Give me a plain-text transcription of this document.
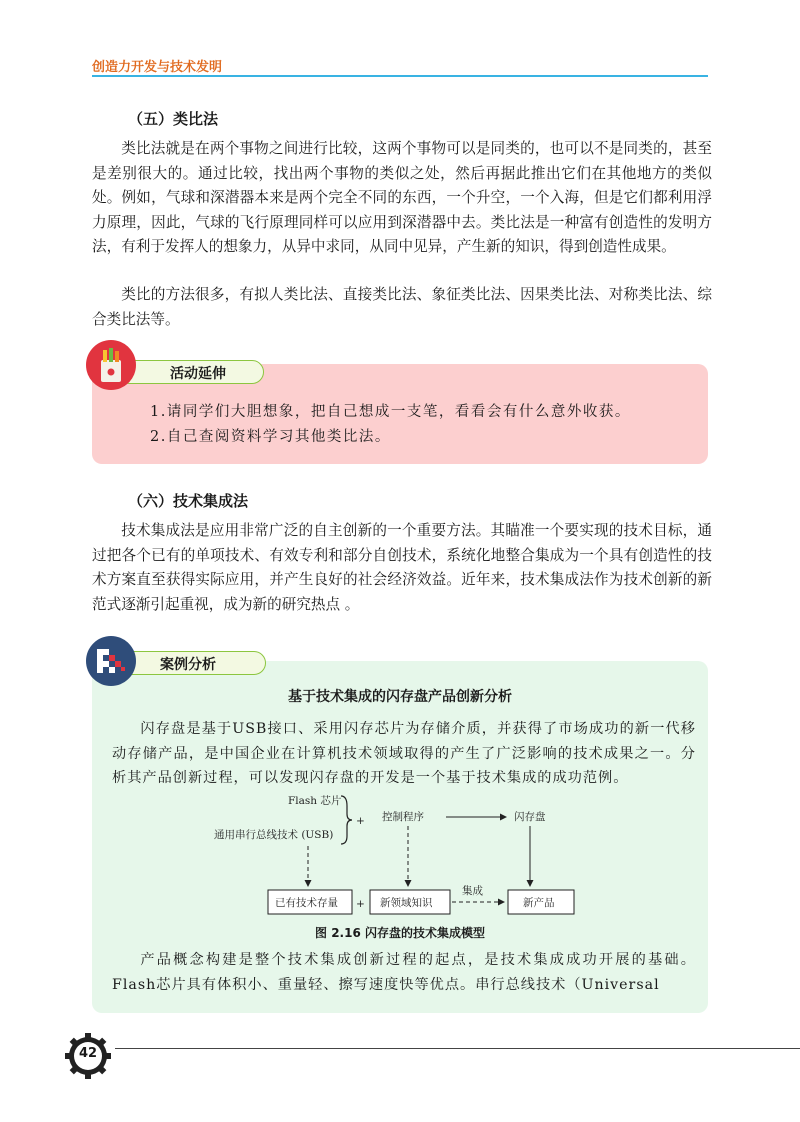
创造力开发与技术发明
（五）类比法

类比法就是在两个事物之间进行比较，这两个事物可以是同类的，也可以不是同类的，甚至是差别很大的。通过比较，找出两个事物的类似之处，然后再据此推出它们在其他地方的类似处。例如，气球和深潜器本来是两个完全不同的东西，一个升空，一个入海，但是它们都利用浮力原理，因此，气球的飞行原理同样可以应用到深潜器中去。类比法是一种富有创造性的发明方法，有利于发挥人的想象力，从异中求同，从同中见异，产生新的知识，得到创造性成果。

类比的方法很多，有拟人类比法、直接类比法、象征类比法、因果类比法、对称类比法、综合类比法等。

活动延伸
1.请同学们大胆想象，把自己想成一支笔，看看会有什么意外收获。
2.自己查阅资料学习其他类比法。
（六）技术集成法

技术集成法是应用非常广泛的自主创新的一个重要方法。其瞄准一个要实现的技术目标，通过把各个已有的单项技术、有效专利和部分自创技术，系统化地整合集成为一个具有创造性的技术方案直至获得实际应用，并产生良好的社会经济效益。近年来，技术集成法作为技术创新的新范式逐渐引起重视，成为新的研究热点 。

案例分析
基于技术集成的闪存盘产品创新分析

闪存盘是基于USB接口、采用闪存芯片为存储介质，并获得了市场成功的新一代移动存储产品，是中国企业在计算机技术领域取得的产生了广泛影响的技术成果之一。分析其产品创新过程，可以发现闪存盘的开发是一个基于技术集成的成功范例。

Flash 芯片
通用串行总线技术 (USB)
+ 控制程序	闪存盘
已有技术存量 + 新领域知识
集成
新产品
图 2.16 闪存盘的技术集成模型

产品概念构建是整个技术集成创新过程的起点，是技术集成成功开展的基础。Flash芯片具有体积小、重量轻、擦写速度快等优点。串行总线技术（Universal

42
